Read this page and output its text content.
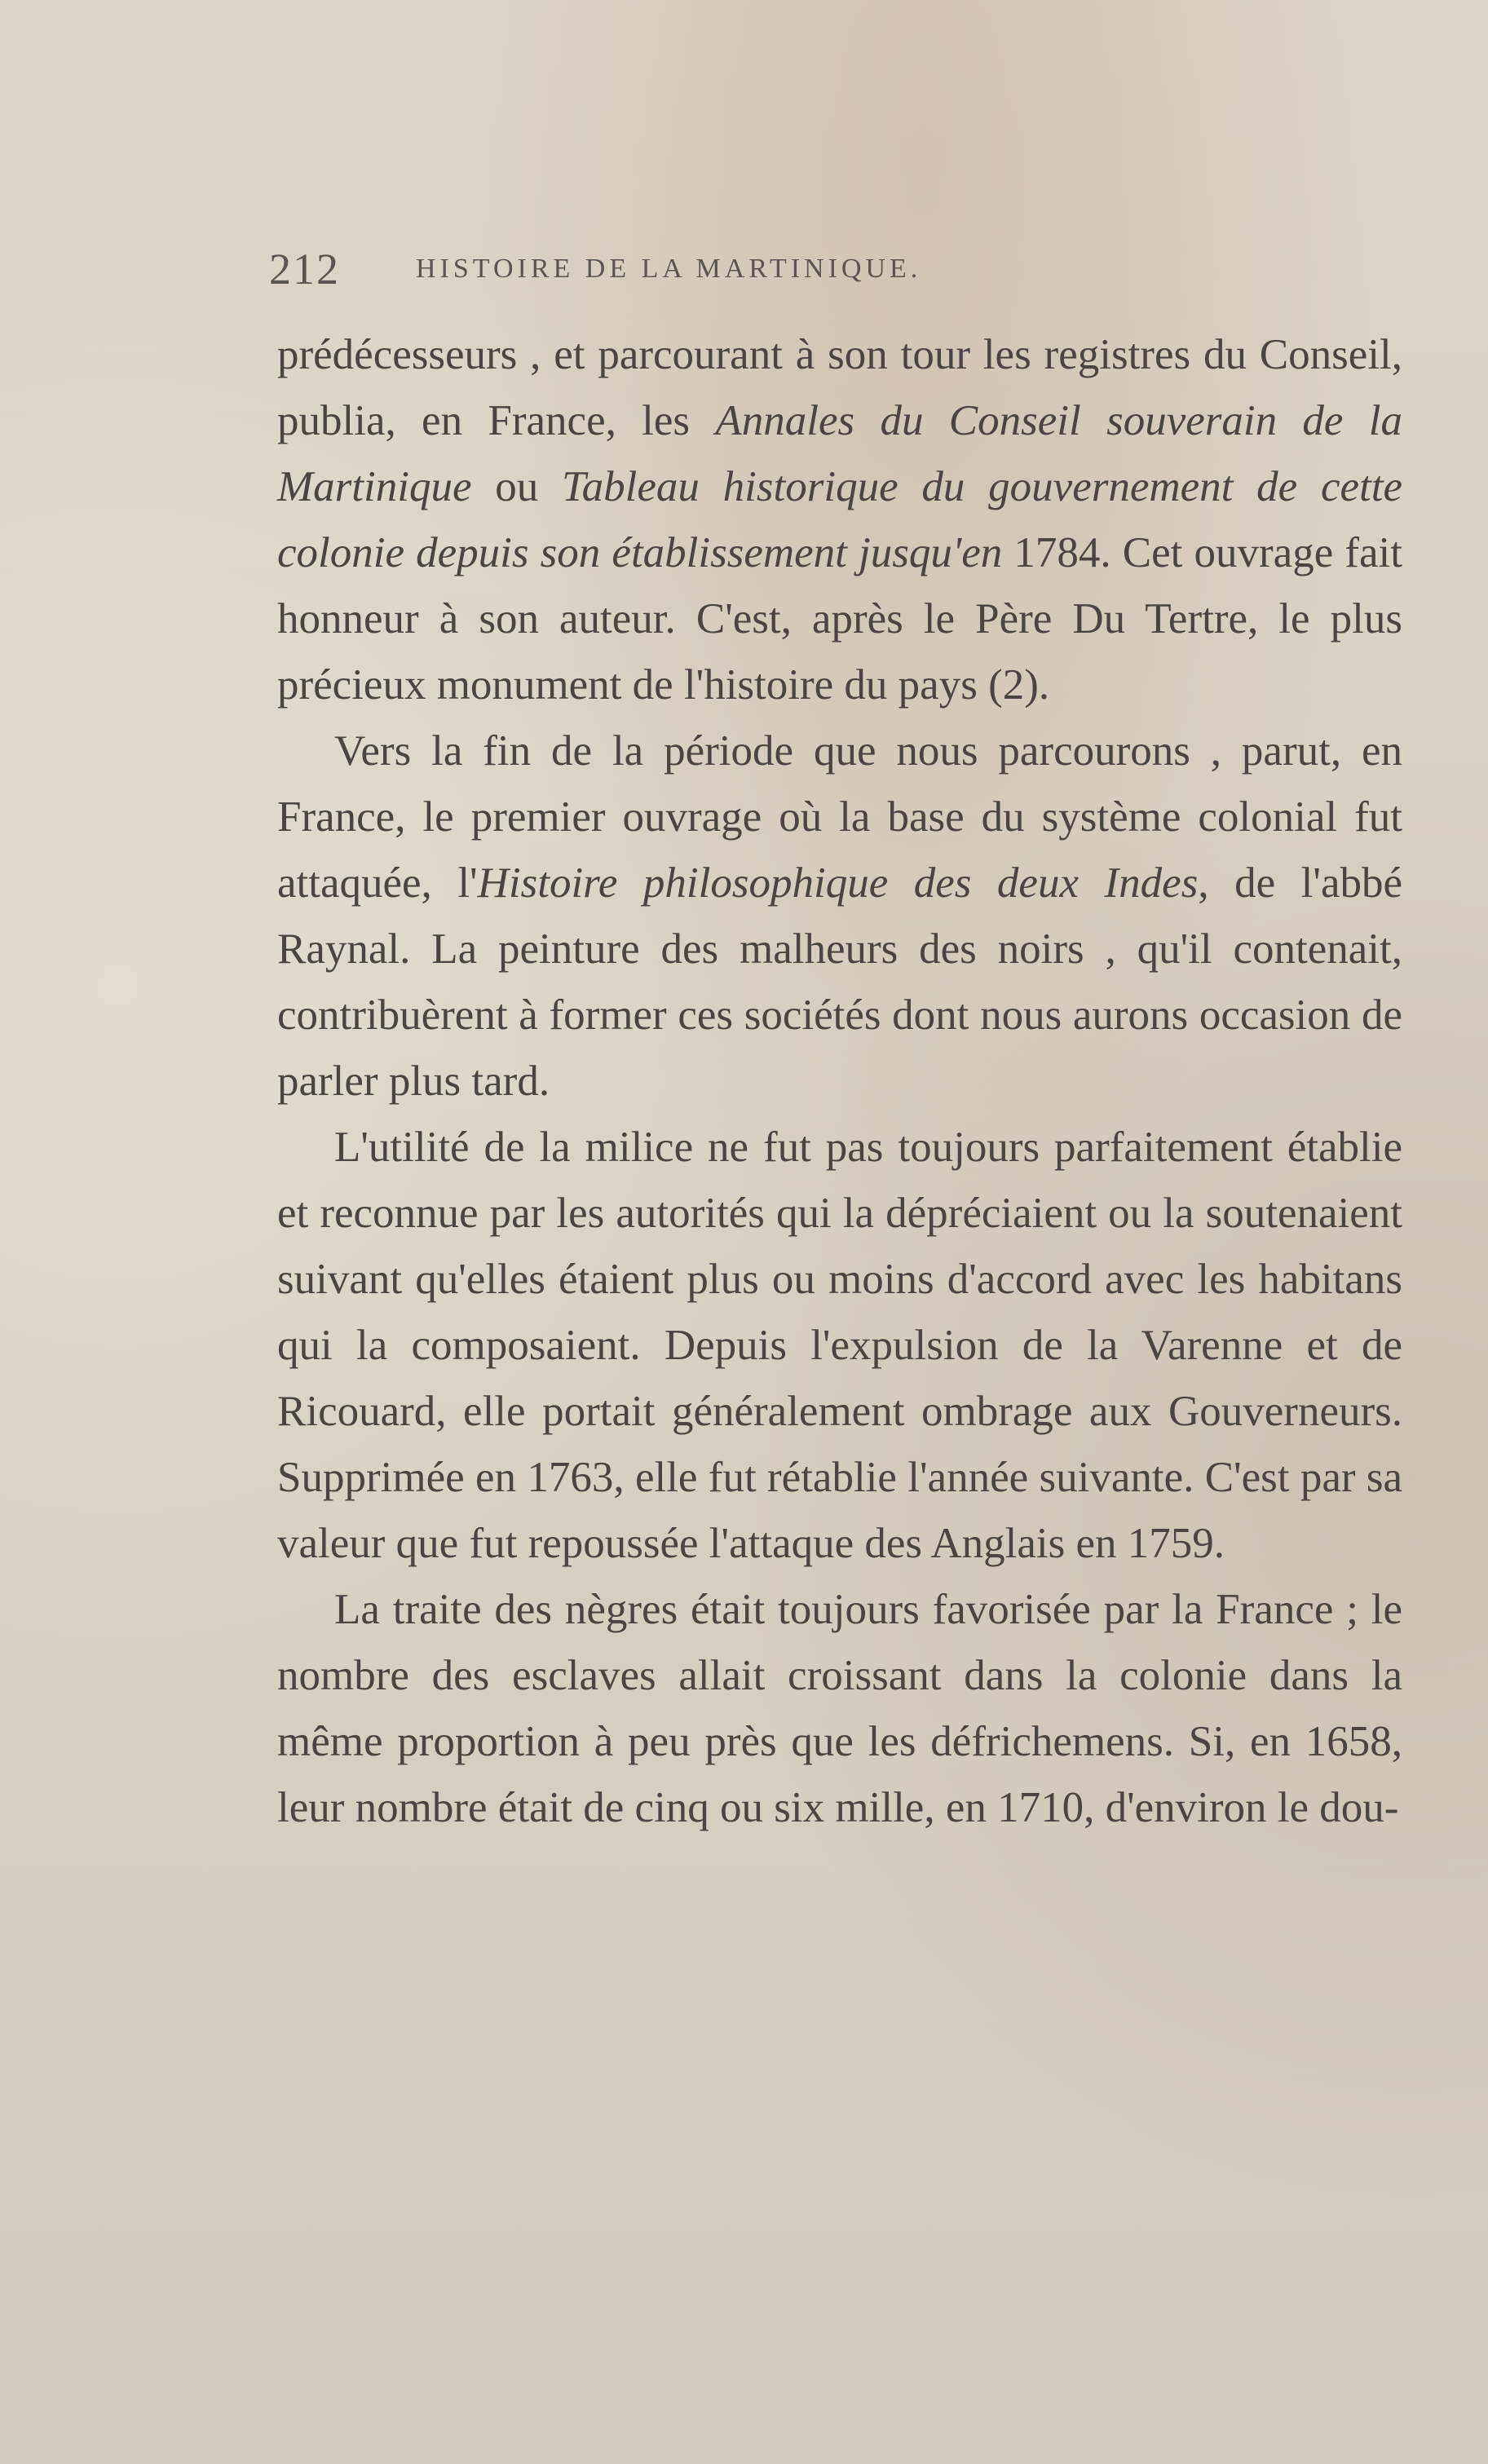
212	HISTOIRE DE LA MARTINIQUE.

prédécesseurs , et parcourant à son tour les registres du Conseil, publia, en France, les Annales du Conseil souverain de la Martinique ou Tableau historique du gouvernement de cette colonie depuis son établissement jusqu'en 1784. Cet ouvrage fait honneur à son auteur. C'est, après le Père Du Tertre, le plus précieux monument de l'histoire du pays (2).

Vers la fin de la période que nous parcourons , parut, en France, le premier ouvrage où la base du système colonial fut attaquée, l'Histoire philosophique des deux Indes, de l'abbé Raynal. La peinture des malheurs des noirs , qu'il contenait, contribuèrent à former ces sociétés dont nous aurons occasion de parler plus tard.

L'utilité de la milice ne fut pas toujours parfaitement établie et reconnue par les autorités qui la dépréciaient ou la soutenaient suivant qu'elles étaient plus ou moins d'accord avec les habitans qui la composaient. Depuis l'expulsion de la Varenne et de Ricouard, elle portait généralement ombrage aux Gouverneurs. Supprimée en 1763, elle fut rétablie l'année suivante. C'est par sa valeur que fut repoussée l'attaque des Anglais en 1759.

La traite des nègres était toujours favorisée par la France ; le nombre des esclaves allait croissant dans la colonie dans la même proportion à peu près que les défrichemens. Si, en 1658, leur nombre était de cinq ou six mille, en 1710, d'environ le dou-
